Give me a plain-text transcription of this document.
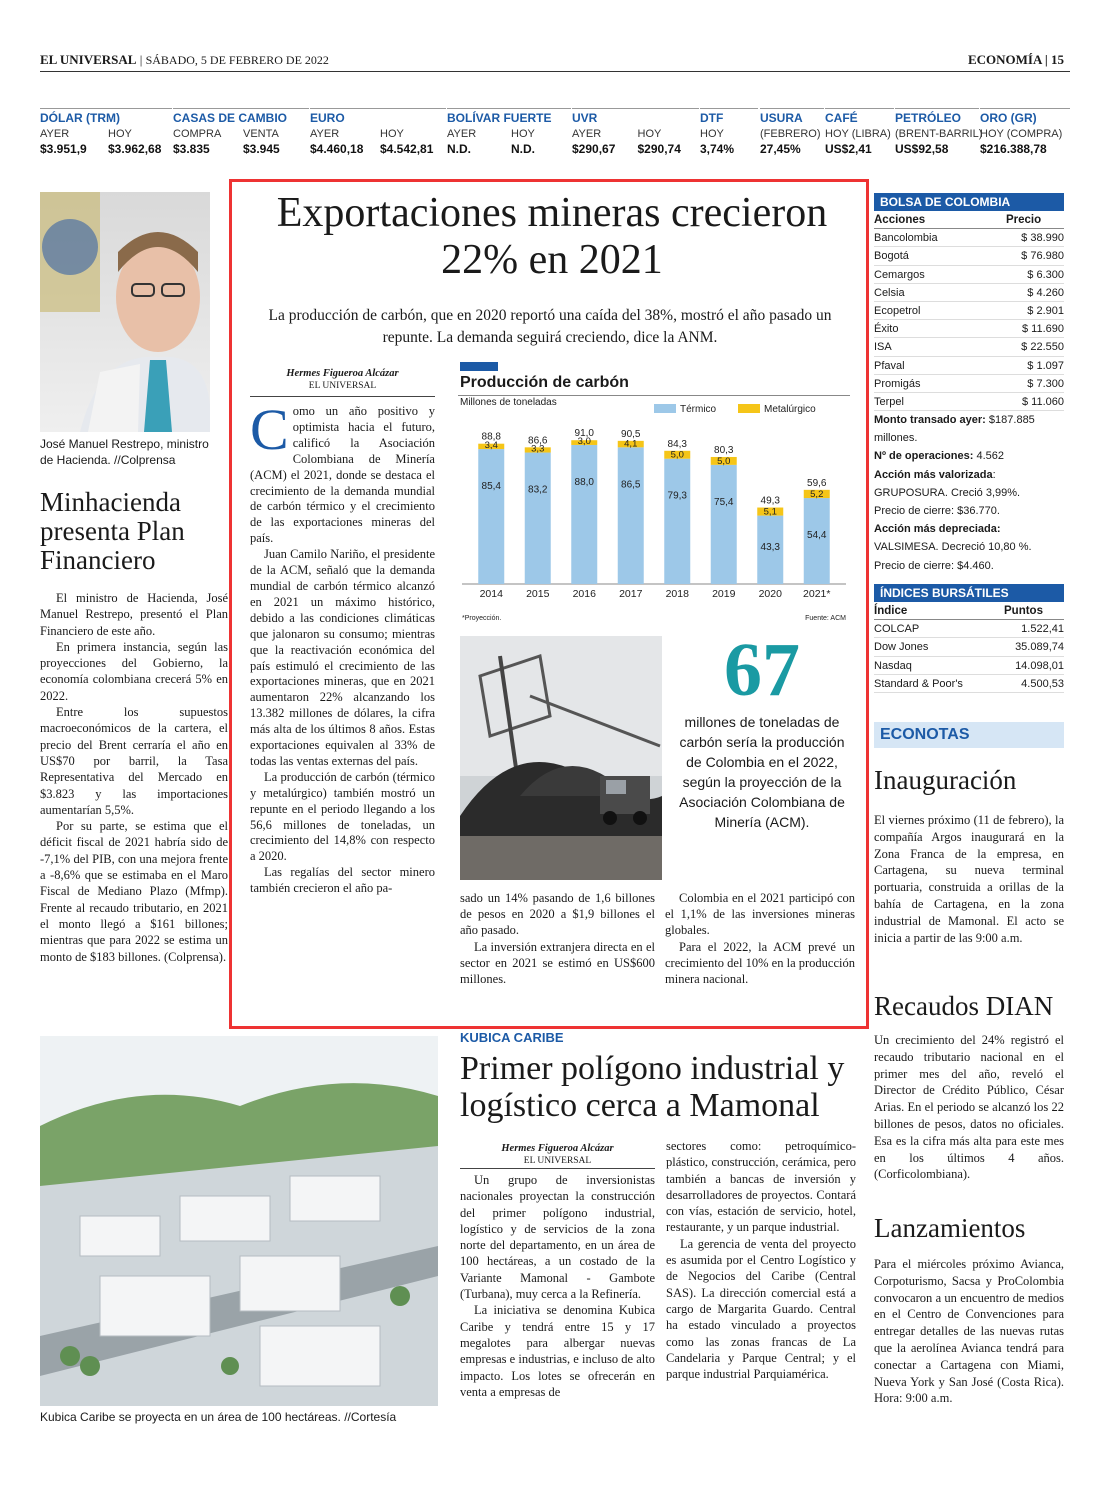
EL UNIVERSAL | SÁBADO, 5 DE FEBRERO DE 2022	ECONOMÍA | 15
DÓLAR (TRM)
AYER	HOY
$3.951,9	$3.962,68
CASAS DE CAMBIO
COMPRA	VENTA
$3.835	$3.945
EURO
AYER	HOY
$4.460,18	$4.542,81
BOLÍVAR FUERTE
AYER	HOY
N.D.	N.D.
UVR
AYER	HOY
$290,67	$290,74
DTF
HOY
3,74%
USURA
(FEBRERO)
27,45%
CAFÉ
HOY (LIBRA)
US$2,41
PETRÓLEO
(BRENT-BARRIL)
US$92,58
ORO (GR)
HOY (COMPRA)
$216.388,78
José Manuel Restrepo, ministro de Hacienda. //Colprensa
Minhacienda presenta Plan Financiero

El ministro de Hacienda, José Manuel Restrepo, presentó el Plan Financiero de este año.

En primera instancia, según las proyecciones del Gobierno, la economía colombiana crecerá 5% en 2022.

Entre los supuestos macroeconómicos de la cartera, el precio del Brent cerraría el año en US$70 por barril, la Tasa Representativa del Mercado en $3.823 y las importaciones aumentarían 5,5%.

Por su parte, se estima que el déficit fiscal de 2021 habría sido de -7,1% del PIB, con una mejora frente a -8,6% que se estimaba en el Maro Fiscal de Mediano Plazo (Mfmp). Frente al recaudo tributario, en 2021 el monto llegó a $161 billones; mientras que para 2022 se estima un monto de $183 billones. (Colprensa).

Exportaciones mineras crecieron 22% en 2021
La producción de carbón, que en 2020 reportó una caída del 38%, mostró el año pasado un repunte. La demanda seguirá creciendo, dice la ANM.
Hermes Figueroa Alcázar
EL UNIVERSAL

C omo un año positivo y optimista hacia el futuro, calificó la Asociación Colombiana de Minería (ACM) el 2021, donde se destaca el crecimiento de la demanda mundial de carbón térmico y el crecimiento de las exportaciones mineras del país.

Juan Camilo Nariño, el presidente de la ACM, señaló que la demanda mundial de carbón térmico alcanzó en 2021 un máximo histórico, debido a las condiciones climáticas que jalonaron su consumo; mientras que la reactivación económica del país estimuló el crecimiento de las exportaciones mineras, que en 2021 aumentaron 22% alcanzando los 13.382 millones de dólares, la cifra más alta de los últimos 8 años. Estas exportaciones equivalen al 33% de todas las ventas externas del país.

La producción de carbón (térmico y metalúrgico) también mostró un repunte en el periodo llegando a los 56,6 millones de toneladas, un crecimiento del 14,8% con respecto a 2020.

Las regalías del sector minero también crecieron el año pa-

Producción de carbón
Millones de toneladas
Térmico	Metalúrgico
88,8
3,4
85,4
2014
86,6
3,3
83,2
2015
91,0
3,0
88,0
2016
90,5
4,1
86,5
2017
84,3
5,0
79,3
2018
80,3
5,0
75,4
2019
49,3
5,1
43,3
2020
59,6
5,2
54,4
2021*
*Proyección.	Fuente: ACM
67
millones de toneladas de carbón sería la producción de Colombia en el 2022, según la proyección de la Asociación Colombiana de Minería (ACM).

sado un 14% pasando de 1,6 billones de pesos en 2020 a $1,9 billones el año pasado.

La inversión extranjera directa en el sector en 2021 se estimó en US$600 millones.

Colombia en el 2021 participó con el 1,1% de las inversiones mineras globales.

Para el 2022, la ACM prevé un crecimiento del 10% en la producción minera nacional.

BOLSA DE COLOMBIA
Acciones	Precio
Bancolombia	$ 38.990
Bogotá	$ 76.980
Cemargos	$ 6.300
Celsia	$ 4.260
Ecopetrol	$ 2.901
Éxito	$ 11.690
ISA	$ 22.550
Pfaval	$ 1.097
Promigás	$ 7.300
Terpel	$ 11.060
Monto transado ayer: $187.885 millones.
Nº de operaciones: 4.562
Acción más valorizada:
GRUPOSURA. Creció 3,99%.
Precio de cierre: $36.770.
Acción más depreciada:
VALSIMESA. Decreció 10,80 %.
Precio de cierre: $4.460.
ÍNDICES BURSÁTILES
Índice	Puntos
COLCAP	1.522,41
Dow Jones	35.089,74
Nasdaq	14.098,01
Standard & Poor's	4.500,53
ECONOTAS
Inauguración
El viernes próximo (11 de febrero), la compañía Argos inaugurará en la Zona Franca de la empresa, en Cartagena, su nueva terminal portuaria, construida a orillas de la bahía de Cartagena, en la zona industrial de Mamonal. El acto se inicia a partir de las 9:00 a.m.
Recaudos DIAN
Un crecimiento del 24% registró el recaudo tributario nacional en el primer mes del año, reveló el Director de Crédito Público, César Arias. En el periodo se alcanzó los 22 billones de pesos, datos no oficiales. Esa es la cifra más alta para este mes en los últimos 4 años. (Corficolombiana).
Lanzamientos
Para el miércoles próximo Avianca, Corpoturismo, Sacsa y ProColombia convocaron a un encuentro de medios en el Centro de Convenciones para entregar detalles de las nuevas rutas que la aerolínea Avianca tendrá para conectar a Cartagena con Miami, Nueva York y San José (Costa Rica). Hora: 9:00 a.m.
Kubica Caribe se proyecta en un área de 100 hectáreas. //Cortesía
KUBICA CARIBE
Primer polígono industrial y logístico cerca a Mamonal
Hermes Figueroa Alcázar
EL UNIVERSAL

Un grupo de inversionistas nacionales proyectan la construcción del primer polígono industrial, logístico y de servicios de la zona norte del departamento, en un área de 100 hectáreas, a un costado de la Variante Mamonal - Gambote (Turbana), muy cerca a la Refinería.

La iniciativa se denomina Kubica Caribe y tendrá entre 15 y 17 megalotes para albergar nuevas empresas e industrias, e incluso de alto impacto. Los lotes se ofrecerán en venta a empresas de

sectores como: petroquímico-plástico, construcción, cerámica, pero también a bancas de inversión y desarrolladores de proyectos. Contará con vías, estación de servicio, hotel, restaurante, y un parque industrial.

La gerencia de venta del proyecto es asumida por el Centro Logístico y de Negocios del Caribe (Central SAS). La dirección comercial está a cargo de Margarita Guardo. Central ha estado vinculado a proyectos como las zonas francas de La Candelaria y Parque Central; y el parque industrial Parquiamérica.
